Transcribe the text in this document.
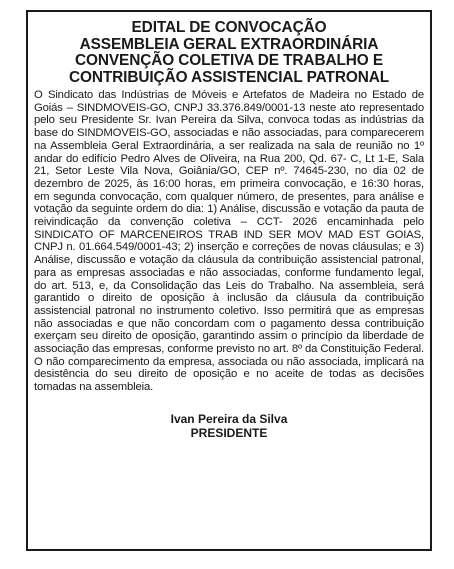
EDITAL DE CONVOCAÇÃO
ASSEMBLEIA GERAL EXTRAORDINÁRIA
CONVENÇÃO COLETIVA DE TRABALHO E
CONTRIBUIÇÃO ASSISTENCIAL PATRONAL

O Sindicato das Indústrias de Móveis e Artefatos de Madeira no Estado de Goiás – SINDMOVEIS-GO, CNPJ 33.376.849/0001-13 neste ato representado pelo seu Presidente Sr. Ivan Pereira da Silva, convoca todas as indústrias da base do SINDMOVEIS-GO, associadas e não associadas, para comparecerem na Assembleia Geral Extraordinária, a ser realizada na sala de reunião no 1º andar do edifício Pedro Alves de Oliveira, na Rua 200, Qd. 67- C, Lt 1-E, Sala 21, Setor Leste Vila Nova, Goiânia/GO, CEP nº. 74645-230, no dia 02 de dezembro de 2025, às 16:00 horas, em primeira convocação, e 16:30 horas, em segunda convocação, com qualquer número, de presentes, para análise e votação da seguinte ordem do dia: 1) Análise, discussão e votação da pauta de reivindicação da convenção coletiva – CCT- 2026 encaminhada pelo SINDICATO OF MARCENEIROS TRAB IND SER MOV MAD EST GOIAS, CNPJ n. 01.664.549/0001-43; 2) inserção e correções de novas cláusulas; e 3) Análise, discussão e votação da cláusula da contribuição assistencial patronal, para as empresas associadas e não associadas, conforme fundamento legal, do art. 513, e, da Consolidação das Leis do Trabalho. Na assembleia, será garantido o direito de oposição à inclusão da cláusula da contribuição assistencial patronal no instrumento coletivo. Isso permitirá que as empresas não associadas e que não concordam com o pagamento dessa contribuição exerçam seu direito de oposição, garantindo assim o princípio da liberdade de associação das empresas, conforme previsto no art. 8º da Constituição Federal. O não comparecimento da empresa, associada ou não associada, implicará na desistência do seu direito de oposição e no aceite de todas as decisões tomadas na assembleia.

Ivan Pereira da Silva
PRESIDENTE
